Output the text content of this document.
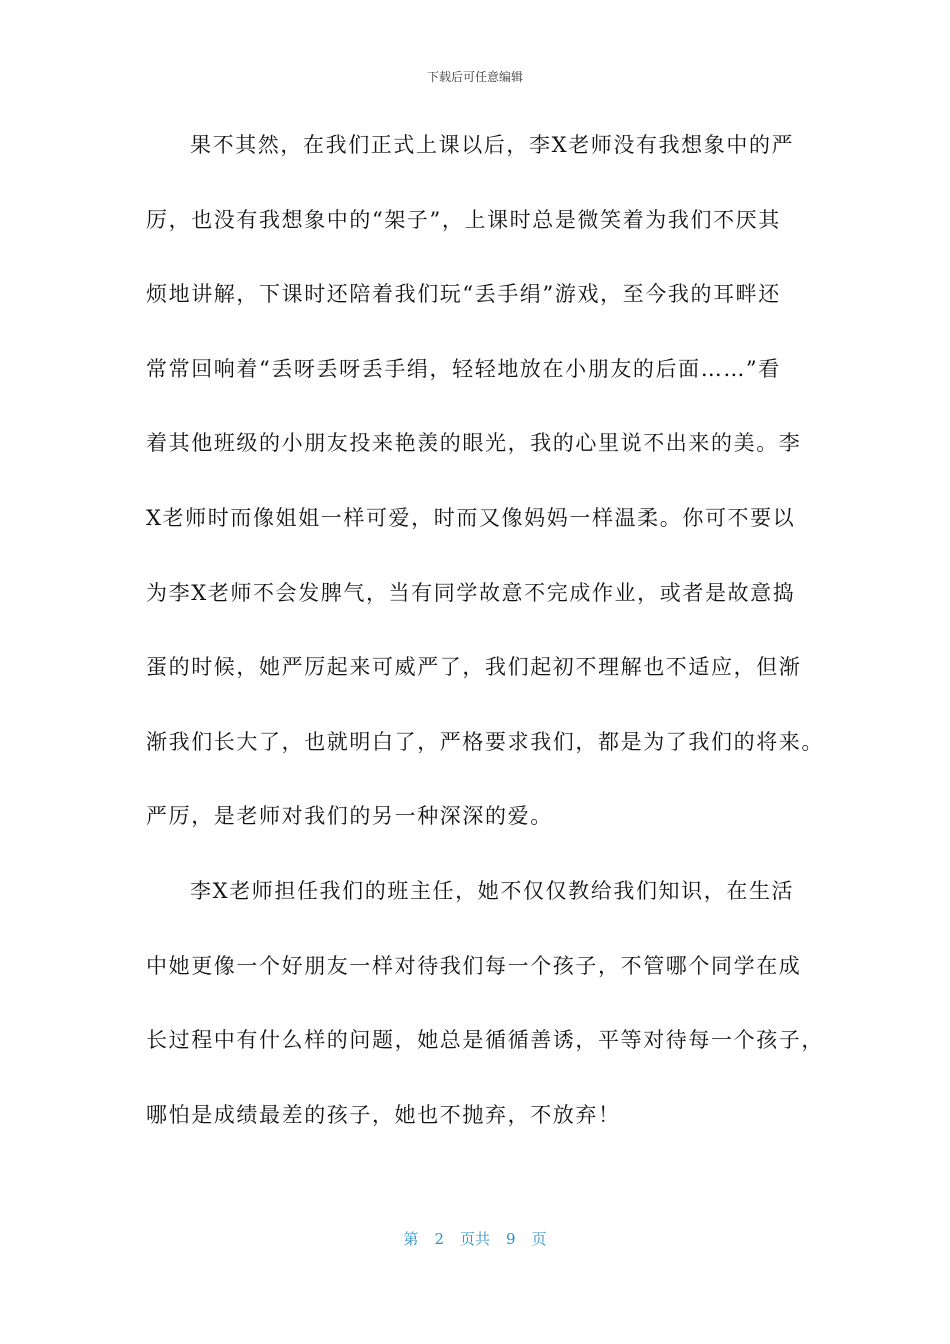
下载后可任意编辑
果不其然，在我们正式上课以后，李X老师没有我想象中的严
厉，也没有我想象中的“架子”，上课时总是微笑着为我们不厌其
烦地讲解，下课时还陪着我们玩“丢手绢”游戏，至今我的耳畔还
常常回响着“丢呀丢呀丢手绢，轻轻地放在小朋友的后面……”看
着其他班级的小朋友投来艳羡的眼光，我的心里说不出来的美。李
X老师时而像姐姐一样可爱，时而又像妈妈一样温柔。你可不要以
为李X老师不会发脾气，当有同学故意不完成作业，或者是故意捣
蛋的时候，她严厉起来可威严了，我们起初不理解也不适应，但渐
渐我们长大了，也就明白了，严格要求我们，都是为了我们的将来。
严厉，是老师对我们的另一种深深的爱。
李X老师担任我们的班主任，她不仅仅教给我们知识，在生活
中她更像一个好朋友一样对待我们每一个孩子，不管哪个同学在成
长过程中有什么样的问题，她总是循循善诱，平等对待每一个孩子，
哪怕是成绩最差的孩子，她也不抛弃，不放弃！
第 2 页共 9 页
